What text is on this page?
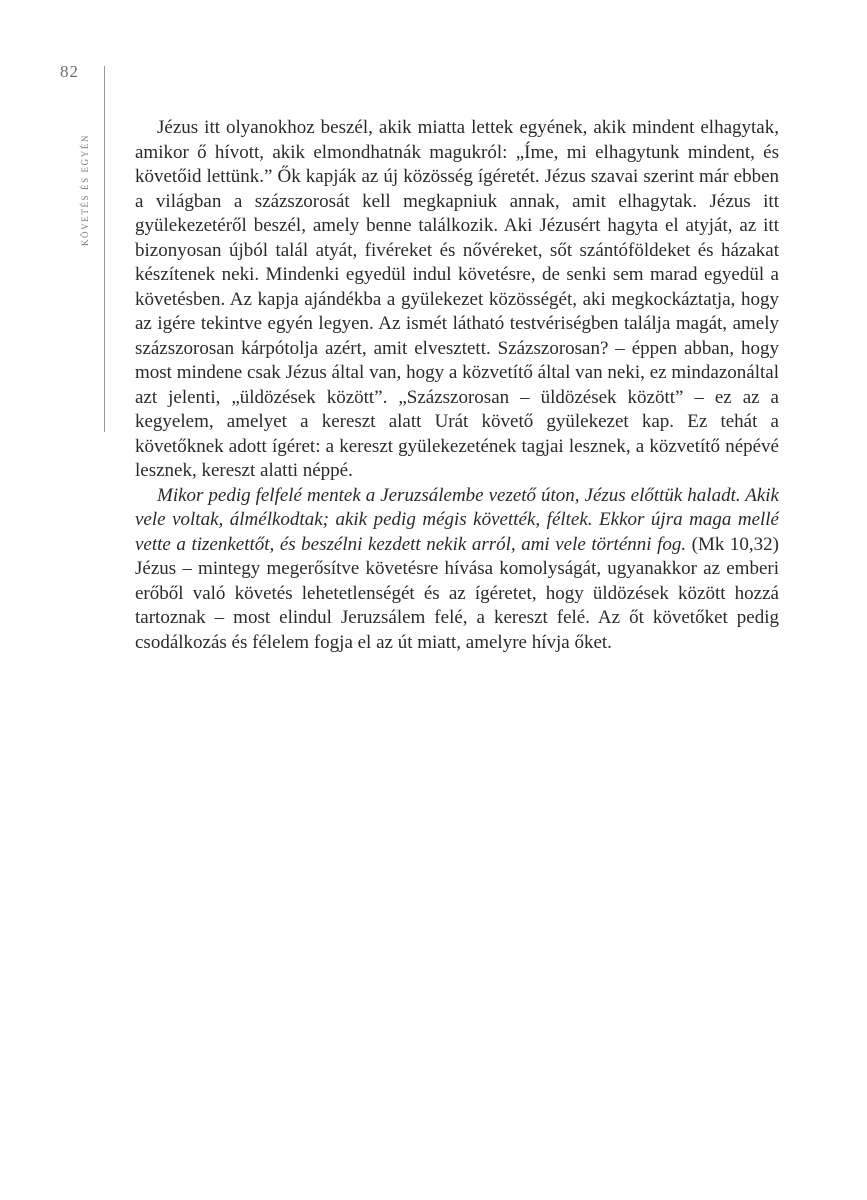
82
KÖVETÉS ÉS EGYÉN

Jézus itt olyanokhoz beszél, akik miatta lettek egyének, akik mindent elhagytak, amikor ő hívott, akik elmondhatnák magukról: „Íme, mi elhagytunk mindent, és követőid lettünk.” Ők kapják az új közösség ígéretét. Jézus szavai szerint már ebben a világban a százszorosát kell megkapniuk annak, amit elhagytak. Jézus itt gyülekezetéről beszél, amely benne találkozik. Aki Jézusért hagyta el atyját, az itt bizonyosan újból talál atyát, fivéreket és nővéreket, sőt szántóföldeket és házakat készítenek neki. Mindenki egyedül indul követésre, de senki sem marad egyedül a követésben. Az kapja ajándékba a gyülekezet közösségét, aki megkockáztatja, hogy az igére tekintve egyén legyen. Az ismét látható testvériségben találja magát, amely százszorosan kárpótolja azért, amit elvesztett. Százszorosan? – éppen abban, hogy most mindene csak Jézus által van, hogy a közvetítő által van neki, ez mindazonáltal azt jelenti, „üldözések között”. „Százszorosan – üldözések között” – ez az a kegyelem, amelyet a kereszt alatt Urát követő gyülekezet kap. Ez tehát a követőknek adott ígéret: a kereszt gyülekezetének tagjai lesznek, a közvetítő népévé lesznek, kereszt alatti néppé.

Mikor pedig felfelé mentek a Jeruzsálembe vezető úton, Jézus előttük haladt. Akik vele voltak, álmélkodtak; akik pedig mégis követték, féltek. Ekkor újra maga mellé vette a tizenkettőt, és beszélni kezdett nekik arról, ami vele történni fog. (Mk 10,32) Jézus – mintegy megerősítve követésre hívása komolyságát, ugyanakkor az emberi erőből való követés lehetetlenségét és az ígéretet, hogy üldözések között hozzá tartoznak – most elindul Jeruzsálem felé, a kereszt felé. Az őt követőket pedig csodálkozás és félelem fogja el az út miatt, amelyre hívja őket.
